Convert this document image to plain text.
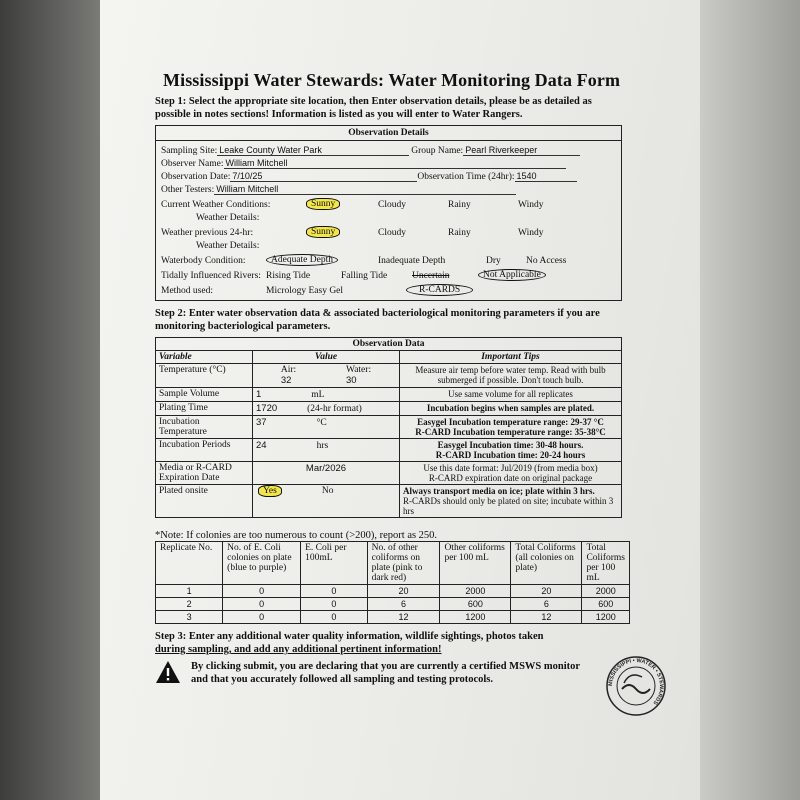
Mississippi Water Stewards: Water Monitoring Data Form
Step 1: Select the appropriate site location, then Enter observation details, please be as detailed as possible in notes sections! Information is listed as you will enter to Water Rangers.
Observation Details
Sampling Site: Leake County Water Park	Group Name: Pearl Riverkeeper
Observer Name: William Mitchell
Observation Date: 7/10/25	Observation Time (24hr): 1540
Other Testers: William Mitchell
Current Weather Conditions:	Sunny	Cloudy	Rainy	Windy
Weather Details:
Weather previous 24-hr:	Sunny	Cloudy	Rainy	Windy
Weather Details:
Waterbody Condition:	Adequate Depth	Inadequate Depth	Dry	No Access
Tidally Influenced Rivers: Rising Tide	Falling Tide	Uncertain	Not Applicable
Method used:	Micrology Easy Gel	R-CARDS
Step 2: Enter water observation data & associated bacteriological monitoring parameters if you are monitoring bacteriological parameters.
Observation Data		
Variable	Value	Important Tips
Temperature (°C)	Air:
32
Water:
30	Measure air temp before water temp. Read with bulb submerged if possible. Don't touch bulb.
Sample Volume	1 mL	Use same volume for all replicates
Plating Time	1720 (24-hr format)	Incubation begins when samples are plated.
Incubation Temperature	37 °C	Easygel Incubation temperature range: 29-37 °C
R-CARD Incubation temperature range: 35-38°C

Incubation Periods	24 hrs	Easygel Incubation time: 30-48 hours.
R-CARD Incubation time: 20-24 hours

Media or R-CARD Expiration Date	Mar/2026	Use this date format: Jul/2019 (from media box)
R-CARD expiration date on original package

Plated onsite	Yes No	Always transport media on ice; plate within 3 hrs.
R-CARDs should only be plated on site; incubate within 3 hrs
*Note: If colonies are too numerous to count (>200), report as 250.
Replicate No.	No. of E. Coli colonies on plate (blue to purple)	E. Coli per 100mL	No. of other coliforms on plate (pink to dark red)	Other coliforms per 100 mL	Total Coliforms (all colonies on plate)	Total Coliforms per 100 mL
1	0	0	20	2000	20	2000
2	0	0	6	600	6	600
3	0	0	12	1200	12	1200
Step 3: Enter any additional water quality information, wildlife sightings, photos taken
during sampling, and add any additional pertinent information!
By clicking submit, you are declaring that you are currently a certified MSWS monitor and that you accurately followed all sampling and testing protocols.	MISSISSIPPI • WATER • STEWARDS
